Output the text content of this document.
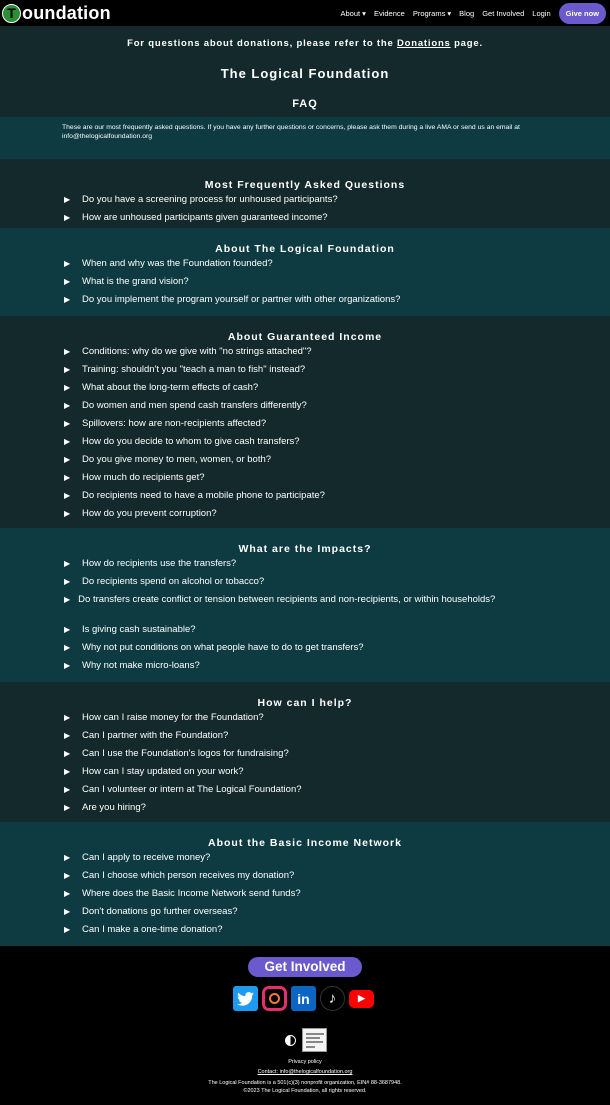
T oundation	About ▾ Evidence Programs ▾ Blog Get Involved Login	Give now
For questions about donations, please refer to the Donations page.
The Logical Foundation
FAQ
These are our most frequently asked questions. If you have any further questions or concerns, please ask them during a live AMA or send us an email at info@thelogicalfoundation.org
Most Frequently Asked Questions
▶	Do you have a screening process for unhoused participants?
▶	How are unhoused participants given guaranteed income?
About The Logical Foundation
▶	When and why was the Foundation founded?
▶	What is the grand vision?
▶	Do you implement the program yourself or partner with other organizations?
About Guaranteed Income
▶	Conditions: why do we give with "no strings attached"?
▶	Training: shouldn't you "teach a man to fish" instead?
▶	What about the long-term effects of cash?
▶	Do women and men spend cash transfers differently?
▶	Spillovers: how are non-recipients affected?
▶	How do you decide to whom to give cash transfers?
▶	Do you give money to men, women, or both?
▶	How much do recipients get?
▶	Do recipients need to have a mobile phone to participate?
▶	How do you prevent corruption?
What are the Impacts?
▶	How do recipients use the transfers?
▶	Do recipients spend on alcohol or tobacco?
▶ Do transfers create conflict or tension between recipients and non-recipients, or within households?
▶	Is giving cash sustainable?
▶	Why not put conditions on what people have to do to get transfers?
▶	Why not make micro-loans?
How can I help?
▶	How can I raise money for the Foundation?
▶	Can I partner with the Foundation?
▶	Can I use the Foundation's logos for fundraising?
▶	How can I stay updated on your work?
▶	Can I volunteer or intern at The Logical Foundation?
▶	Are you hiring?
About the Basic Income Network
▶	Can I apply to receive money?
▶	Can I choose which person receives my donation?
▶	Where does the Basic Income Network send funds?
▶	Don't donations go further overseas?
▶	Can I make a one-time donation?
Get Involved
in	♪	▶
Privacy policy
Contact: info@thelogicalfoundation.org
The Logical Foundation is a 501(c)(3) nonprofit organization, EIN# 88-3687948.
©2023 The Logical Foundation, all rights reserved.
